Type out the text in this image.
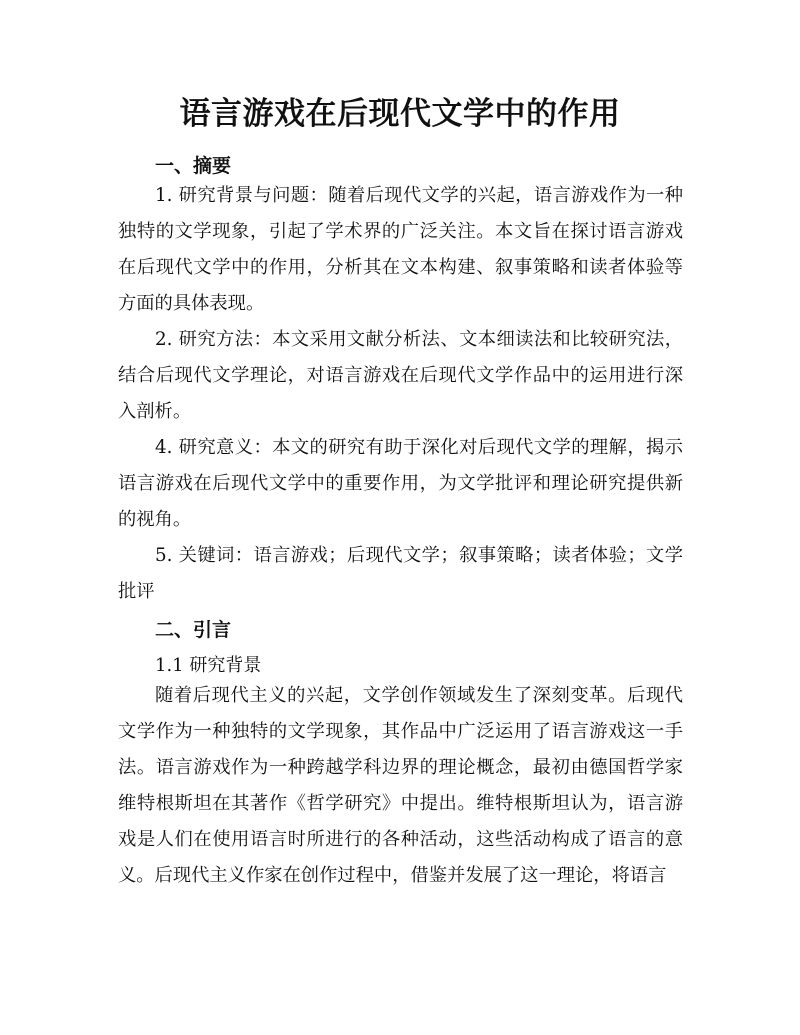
语言游戏在后现代文学中的作用
一、摘要
1. 研究背景与问题：随着后现代文学的兴起，语言游戏作为一种独特的文学现象，引起了学术界的广泛关注。本文旨在探讨语言游戏在后现代文学中的作用，分析其在文本构建、叙事策略和读者体验等方面的具体表现。
2. 研究方法：本文采用文献分析法、文本细读法和比较研究法，结合后现代文学理论，对语言游戏在后现代文学作品中的运用进行深入剖析。
4. 研究意义：本文的研究有助于深化对后现代文学的理解，揭示语言游戏在后现代文学中的重要作用，为文学批评和理论研究提供新的视角。
5. 关键词：语言游戏；后现代文学；叙事策略；读者体验；文学批评
二、引言
1.1 研究背景
随着后现代主义的兴起，文学创作领域发生了深刻变革。后现代文学作为一种独特的文学现象，其作品中广泛运用了语言游戏这一手法。语言游戏作为一种跨越学科边界的理论概念，最初由德国哲学家维特根斯坦在其著作《哲学研究》中提出。维特根斯坦认为，语言游戏是人们在使用语言时所进行的各种活动，这些活动构成了语言的意义。后现代主义作家在创作过程中，借鉴并发展了这一理论，将语言
